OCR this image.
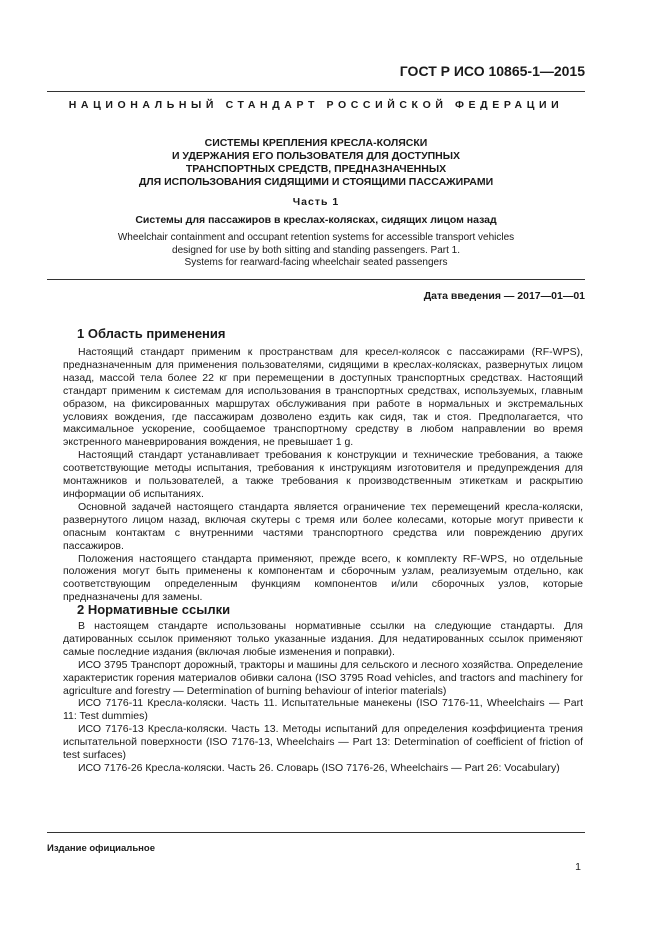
ГОСТ Р ИСО 10865-1—2015
НАЦИОНАЛЬНЫЙ СТАНДАРТ РОССИЙСКОЙ ФЕДЕРАЦИИ
СИСТЕМЫ КРЕПЛЕНИЯ КРЕСЛА-КОЛЯСКИ
И УДЕРЖАНИЯ ЕГО ПОЛЬЗОВАТЕЛЯ ДЛЯ ДОСТУПНЫХ
ТРАНСПОРТНЫХ СРЕДСТВ, ПРЕДНАЗНАЧЕННЫХ
ДЛЯ ИСПОЛЬЗОВАНИЯ СИДЯЩИМИ И СТОЯЩИМИ ПАССАЖИРАМИ
Часть 1
Системы для пассажиров в креслах-колясках, сидящих лицом назад
Wheelchair containment and occupant retention systems for accessible transport vehicles
designed for use by both sitting and standing passengers. Part 1.
Systems for rearward-facing wheelchair seated passengers
Дата введения — 2017—01—01
1 Область применения

Настоящий стандарт применим к пространствам для кресел-колясок с пассажирами (RF-WPS), предназначенным для применения пользователями, сидящими в креслах-колясках, развернутых лицом назад, массой тела более 22 кг при перемещении в доступных транспортных средствах. Настоящий стандарт применим к системам для использования в транспортных средствах, используемых, главным образом, на фиксированных маршрутах обслуживания при работе в нормальных и экстремальных условиях вождения, где пассажирам дозволено ездить как сидя, так и стоя. Предполагается, что максимальное ускорение, сообщаемое транспортному средству в любом направлении во время экстренного маневрирования вождения, не превышает 1 g.

Настоящий стандарт устанавливает требования к конструкции и технические требования, а также соответствующие методы испытания, требования к инструкциям изготовителя и предупреждения для монтажников и пользователей, а также требования к производственным этикеткам и раскрытию информации об испытаниях.

Основной задачей настоящего стандарта является ограничение тех перемещений кресла-коляски, развернутого лицом назад, включая скутеры с тремя или более колесами, которые могут привести к опасным контактам с внутренними частями транспортного средства или повреждению других пассажиров.

Положения настоящего стандарта применяют, прежде всего, к комплекту RF-WPS, но отдельные положения могут быть применены к компонентам и сборочным узлам, реализуемым отдельно, как соответствующим определенным функциям компонентов и/или сборочных узлов, которые предназначены для замены.

2 Нормативные ссылки

В настоящем стандарте использованы нормативные ссылки на следующие стандарты. Для датированных ссылок применяют только указанные издания. Для недатированных ссылок применяют самые последние издания (включая любые изменения и поправки).

ИСО 3795 Транспорт дорожный, тракторы и машины для сельского и лесного хозяйства. Определение характеристик горения материалов обивки салона (ISO 3795 Road vehicles, and tractors and machinery for agriculture and forestry — Determination of burning behaviour of interior materials)

ИСО 7176-11 Кресла-коляски. Часть 11. Испытательные манекены (ISO 7176-11, Wheelchairs — Part 11: Test dummies)

ИСО 7176-13 Кресла-коляски. Часть 13. Методы испытаний для определения коэффициента трения испытательной поверхности (ISO 7176-13, Wheelchairs — Part 13: Determination of coefficient of friction of test surfaces)

ИСО 7176-26 Кресла-коляски. Часть 26. Словарь (ISO 7176-26, Wheelchairs — Part 26: Vocabulary)

Издание официальное
1
